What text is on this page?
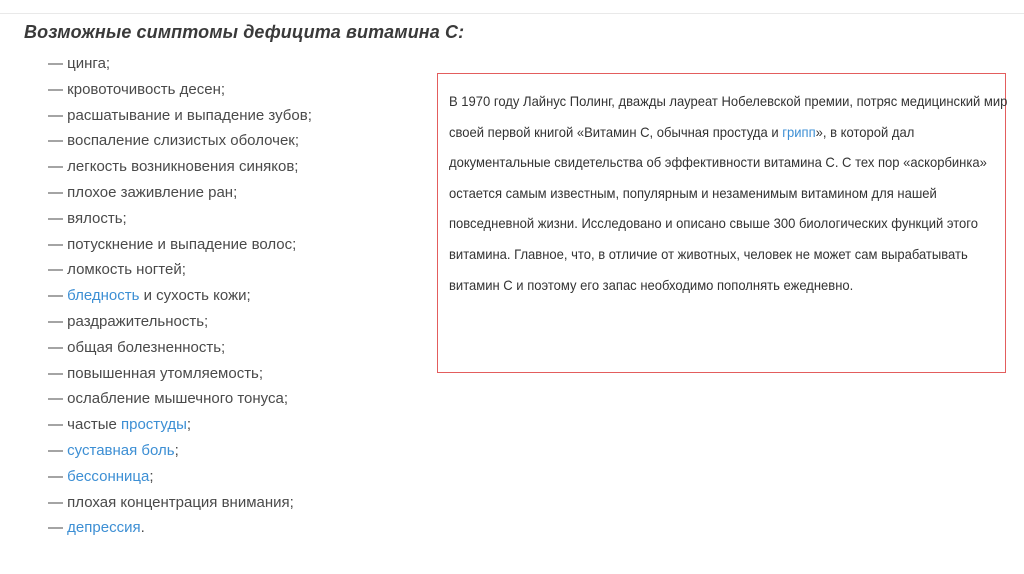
Возможные симптомы дефицита витамина С:
— цинга;
— кровоточивость десен;
— расшатывание и выпадение зубов;
— воспаление слизистых оболочек;
— легкость возникновения синяков;
— плохое заживление ран;
— вялость;
— потускнение и выпадение волос;
— ломкость ногтей;
— бледность и сухость кожи;
— раздражительность;
— общая болезненность;
— повышенная утомляемость;
— ослабление мышечного тонуса;
— частые простуды;
— суставная боль;
— бессонница;
— плохая концентрация внимания;
— депрессия.

В 1970 году Лайнус Полинг, дважды лауреат Нобелевской премии, потряс медицинский мир
своей первой книгой «Витамин С, обычная простуда и грипп», в которой дал
документальные свидетельства об эффективности витамина С. С тех пор «аскорбинка»
остается самым известным, популярным и незаменимым витамином для нашей
повседневной жизни. Исследовано и описано свыше 300 биологических функций этого
витамина. Главное, что, в отличие от животных, человек не может сам вырабатывать
витамин С и поэтому его запас необходимо пополнять ежедневно.
